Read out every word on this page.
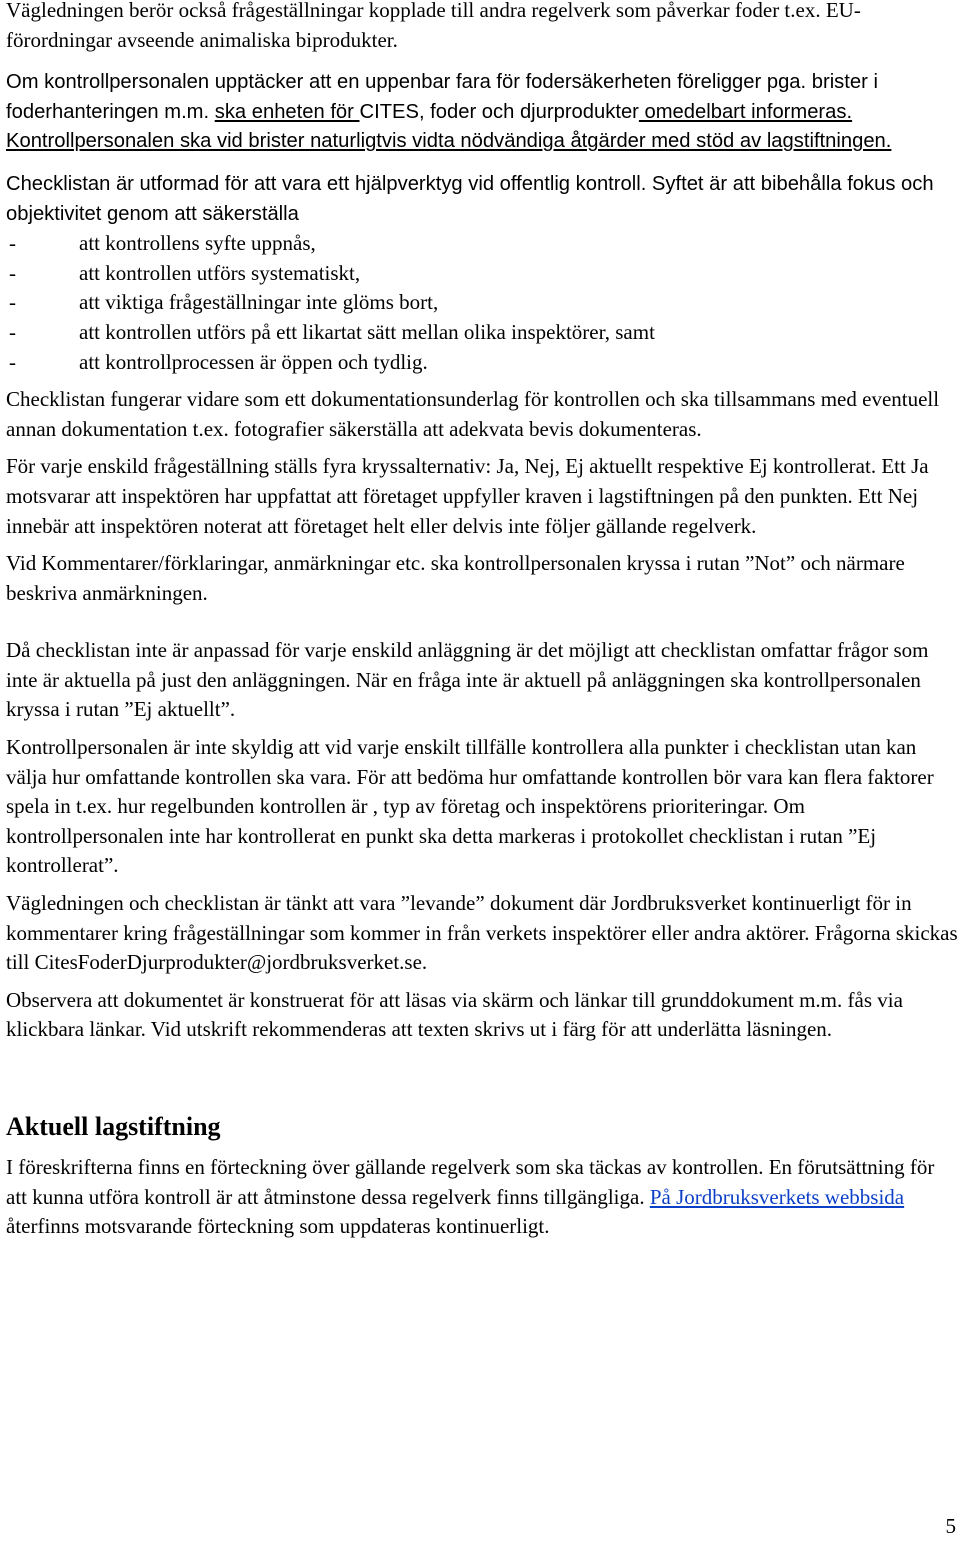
Vägledningen berör också frågeställningar kopplade till andra regelverk som påverkar foder t.ex. EU-förordningar avseende animaliska biprodukter.

Om kontrollpersonalen upptäcker att en uppenbar fara för fodersäkerheten föreligger pga. brister i foderhanteringen m.m. ska enheten för CITES, foder och djurprodukter omedelbart informeras. Kontrollpersonalen ska vid brister naturligtvis vidta nödvändiga åtgärder med stöd av lagstiftningen.

Checklistan är utformad för att vara ett hjälpverktyg vid offentlig kontroll. Syftet är att bibehålla fokus och objektivitet genom att säkerställa

-	att kontrollens syfte uppnås,
-	att kontrollen utförs systematiskt,
-	att viktiga frågeställningar inte glöms bort,
-	att kontrollen utförs på ett likartat sätt mellan olika inspektörer, samt
-	att kontrollprocessen är öppen och tydlig.

Checklistan fungerar vidare som ett dokumentationsunderlag för kontrollen och ska tillsammans med eventuell annan dokumentation t.ex. fotografier säkerställa att adekvata bevis dokumenteras.

För varje enskild frågeställning ställs fyra kryssalternativ: Ja, Nej, Ej aktuellt respektive Ej kontrollerat. Ett Ja motsvarar att inspektören har uppfattat att företaget uppfyller kraven i lagstiftningen på den punkten. Ett Nej innebär att inspektören noterat att företaget helt eller delvis inte följer gällande regelverk.

Vid Kommentarer/förklaringar, anmärkningar etc. ska kontrollpersonalen kryssa i rutan ”Not” och närmare beskriva anmärkningen.

Då checklistan inte är anpassad för varje enskild anläggning är det möjligt att checklistan omfattar frågor som inte är aktuella på just den anläggningen. När en fråga inte är aktuell på anläggningen ska kontrollpersonalen kryssa i rutan ”Ej aktuellt”.

Kontrollpersonalen är inte skyldig att vid varje enskilt tillfälle kontrollera alla punkter i checklistan utan kan välja hur omfattande kontrollen ska vara. För att bedöma hur omfattande kontrollen bör vara kan flera faktorer spela in t.ex. hur regelbunden kontrollen är , typ av företag och inspektörens prioriteringar. Om kontrollpersonalen inte har kontrollerat en punkt ska detta markeras i protokollet checklistan i rutan ”Ej kontrollerat”.

Vägledningen och checklistan är tänkt att vara ”levande” dokument där Jordbruksverket kontinuerligt för in kommentarer kring frågeställningar som kommer in från verkets inspektörer eller andra aktörer. Frågorna skickas till CitesFoderDjurprodukter@jordbruksverket.se.

Observera att dokumentet är konstruerat för att läsas via skärm och länkar till grunddokument m.m. fås via klickbara länkar. Vid utskrift rekommenderas att texten skrivs ut i färg för att underlätta läsningen.

Aktuell lagstiftning

I föreskrifterna finns en förteckning över gällande regelverk som ska täckas av kontrollen. En förutsättning för att kunna utföra kontroll är att åtminstone dessa regelverk finns tillgängliga. På Jordbruksverkets webbsida återfinns motsvarande förteckning som uppdateras kontinuerligt.

5
